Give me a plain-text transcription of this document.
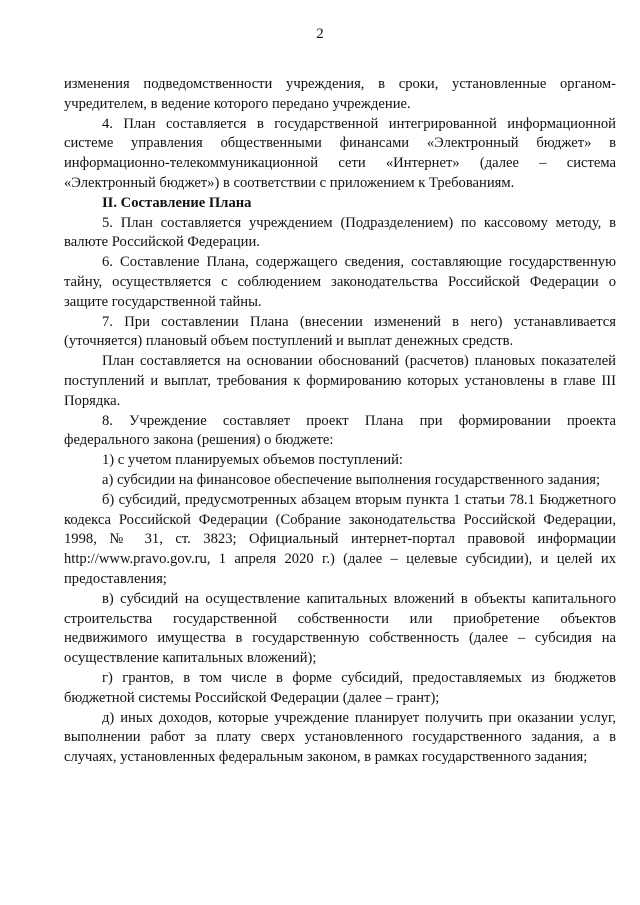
2

изменения подведомственности учреждения, в сроки, установленные органом-учредителем, в ведение которого передано учреждение.

4. План составляется в государственной интегрированной информационной системе управления общественными финансами «Электронный бюджет» в информационно-телекоммуникационной сети «Интернет» (далее – система «Электронный бюджет») в соответствии с приложением к Требованиям.

II. Составление Плана

5. План составляется учреждением (Подразделением) по кассовому методу, в валюте Российской Федерации.

6. Составление Плана, содержащего сведения, составляющие государственную тайну, осуществляется с соблюдением законодательства Российской Федерации о защите государственной тайны.

7. При составлении Плана (внесении изменений в него) устанавливается (уточняется) плановый объем поступлений и выплат денежных средств.

План составляется на основании обоснований (расчетов) плановых показателей поступлений и выплат, требования к формированию которых установлены в главе III Порядка.

8. Учреждение составляет проект Плана при формировании проекта федерального закона (решения) о бюджете:

1) с учетом планируемых объемов поступлений:

а) субсидии на финансовое обеспечение выполнения государственного задания;

б) субсидий, предусмотренных абзацем вторым пункта 1 статьи 78.1 Бюджетного кодекса Российской Федерации (Собрание законодательства Российской Федерации, 1998, № 31, ст. 3823; Официальный интернет-портал правовой информации http://www.pravo.gov.ru, 1 апреля 2020 г.) (далее – целевые субсидии), и целей их предоставления;

в) субсидий на осуществление капитальных вложений в объекты капитального строительства государственной собственности или приобретение объектов недвижимого имущества в государственную собственность (далее – субсидия на осуществление капитальных вложений);

г) грантов, в том числе в форме субсидий, предоставляемых из бюджетов бюджетной системы Российской Федерации (далее – грант);

д) иных доходов, которые учреждение планирует получить при оказании услуг, выполнении работ за плату сверх установленного государственного задания, а в случаях, установленных федеральным законом, в рамках государственного задания;
